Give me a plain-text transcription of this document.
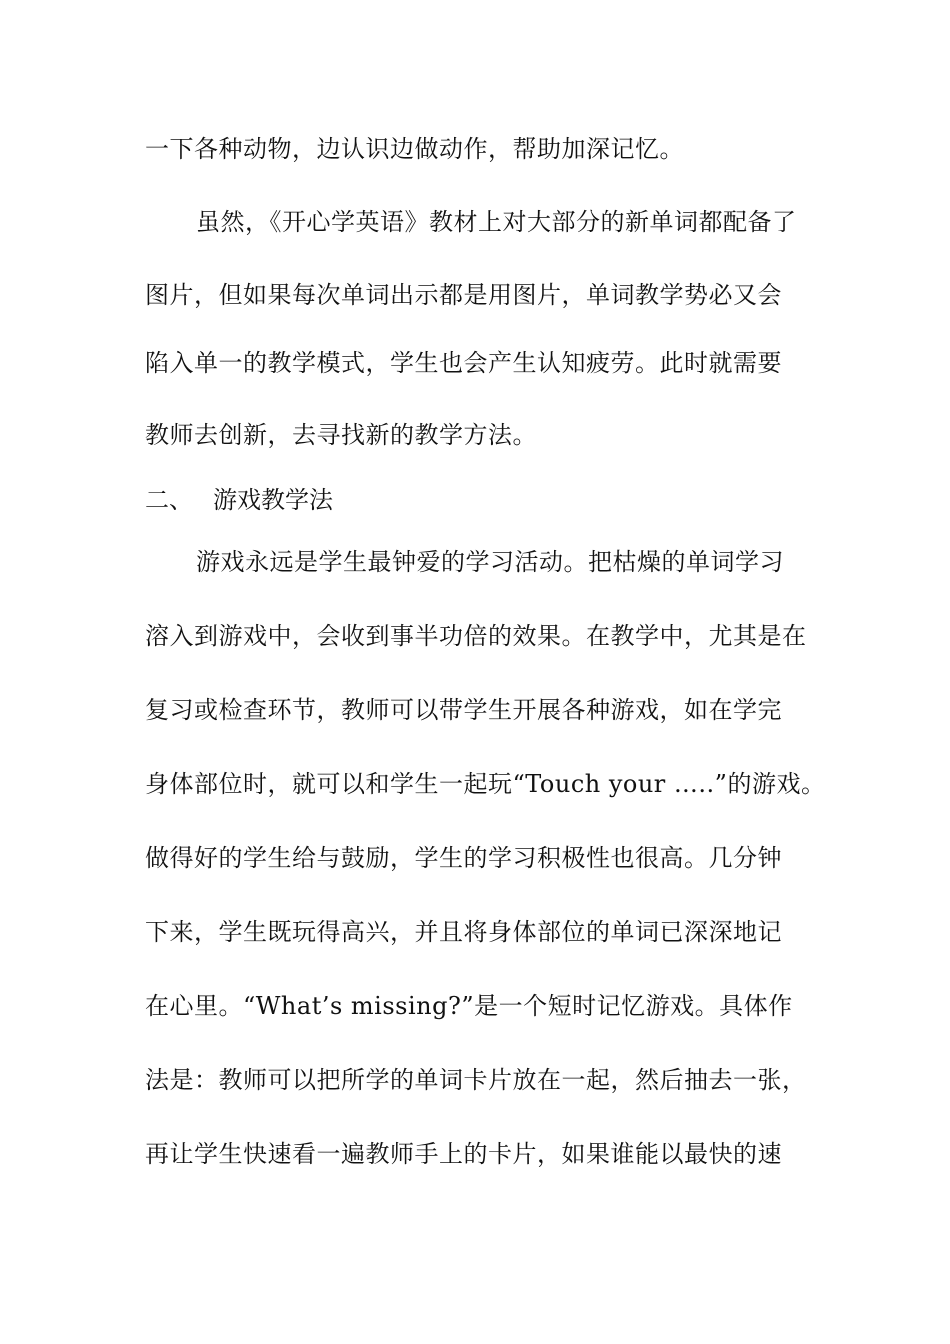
一下各种动物，边认识边做动作，帮助加深记忆。
虽然，《开心学英语》教材上对大部分的新单词都配备了
图片，但如果每次单词出示都是用图片，单词教学势必又会
陷入单一的教学模式，学生也会产生认知疲劳。此时就需要
教师去创新，去寻找新的教学方法。
二、 游戏教学法
游戏永远是学生最钟爱的学习活动。把枯燥的单词学习
溶入到游戏中，会收到事半功倍的效果。在教学中，尤其是在
复习或检查环节，教师可以带学生开展各种游戏，如在学完
身体部位时，就可以和学生一起玩“Touch your …..”的游戏。
做得好的学生给与鼓励，学生的学习积极性也很高。几分钟
下来，学生既玩得高兴，并且将身体部位的单词已深深地记
在心里。“What’s missing?”是一个短时记忆游戏。具体作
法是：教师可以把所学的单词卡片放在一起，然后抽去一张，
再让学生快速看一遍教师手上的卡片，如果谁能以最快的速
